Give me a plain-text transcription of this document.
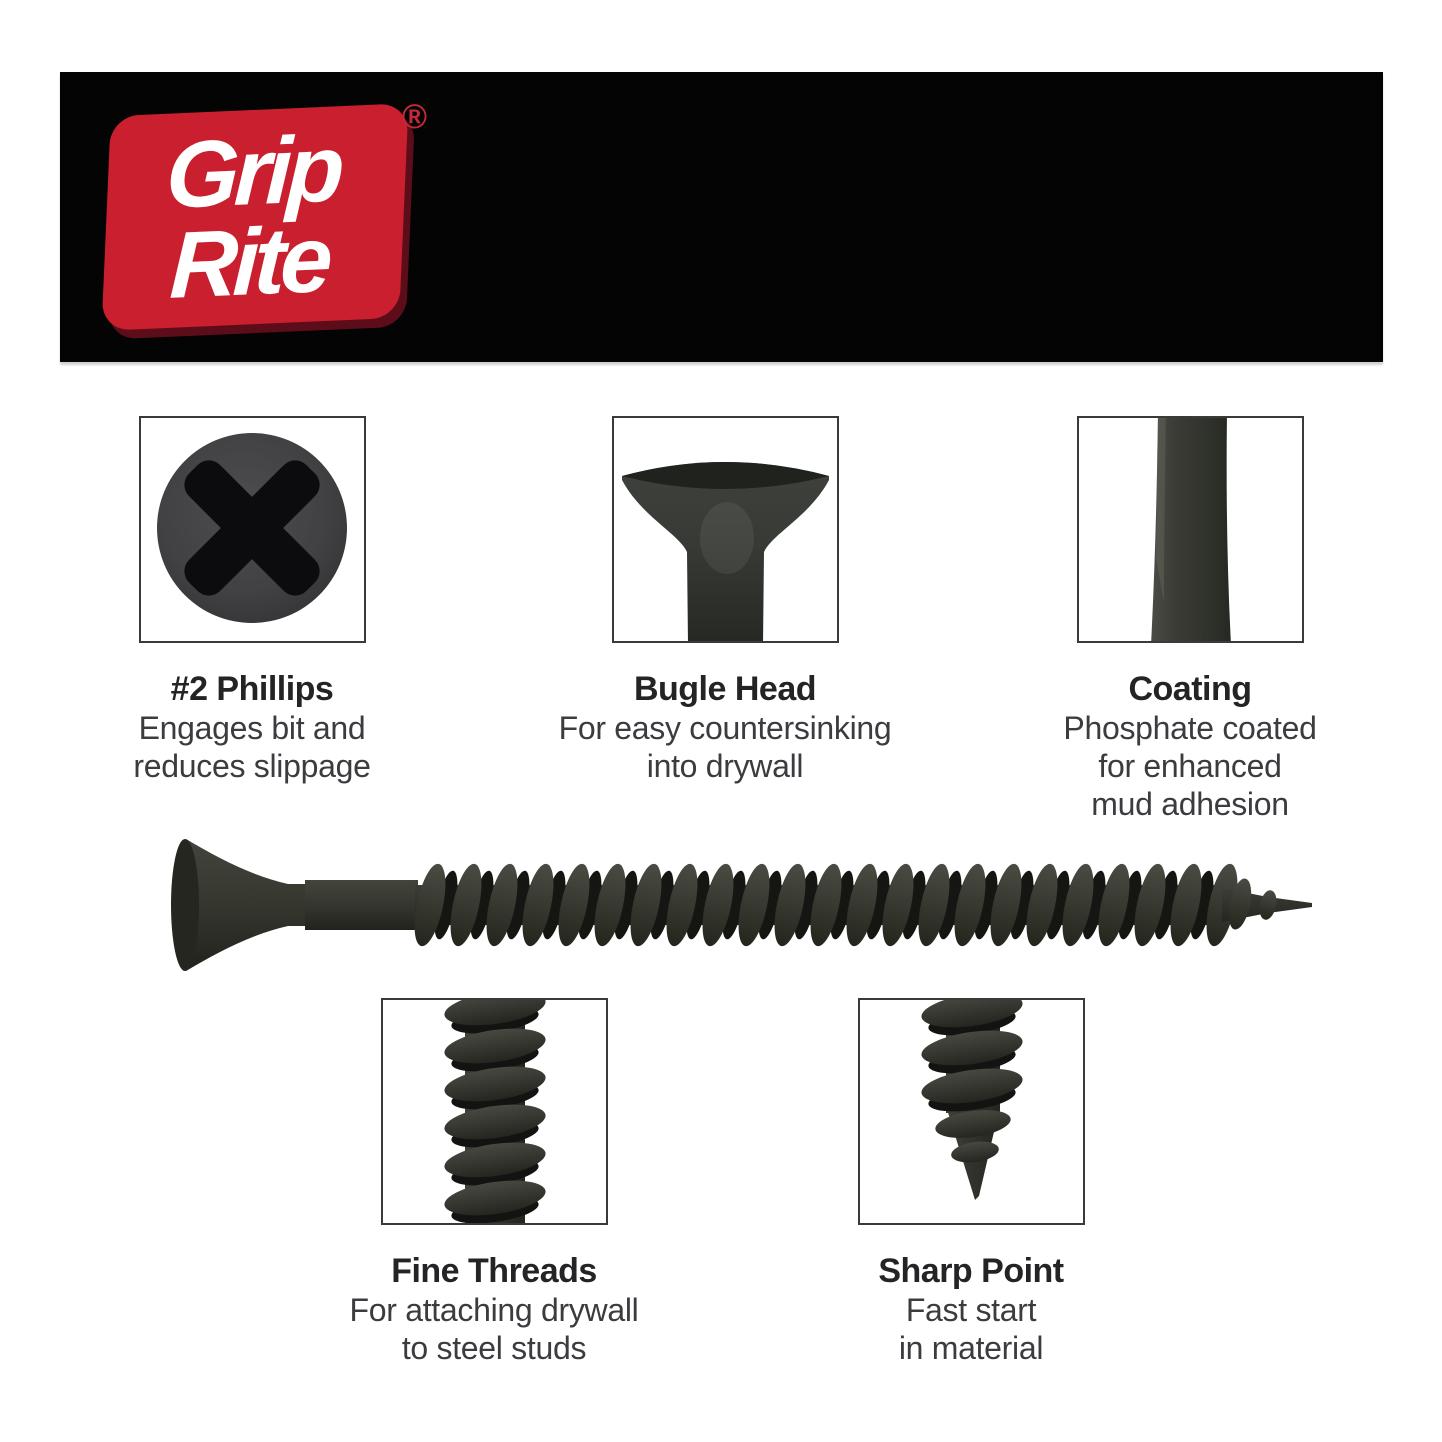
Grip
Rite
®
#2 Phillips
Engages bit and
reduces slippage
Bugle Head
For easy countersinking
into drywall
Coating
Phosphate coated
for enhanced
mud adhesion
Fine Threads
For attaching drywall
to steel studs
Sharp Point
Fast start
in material
